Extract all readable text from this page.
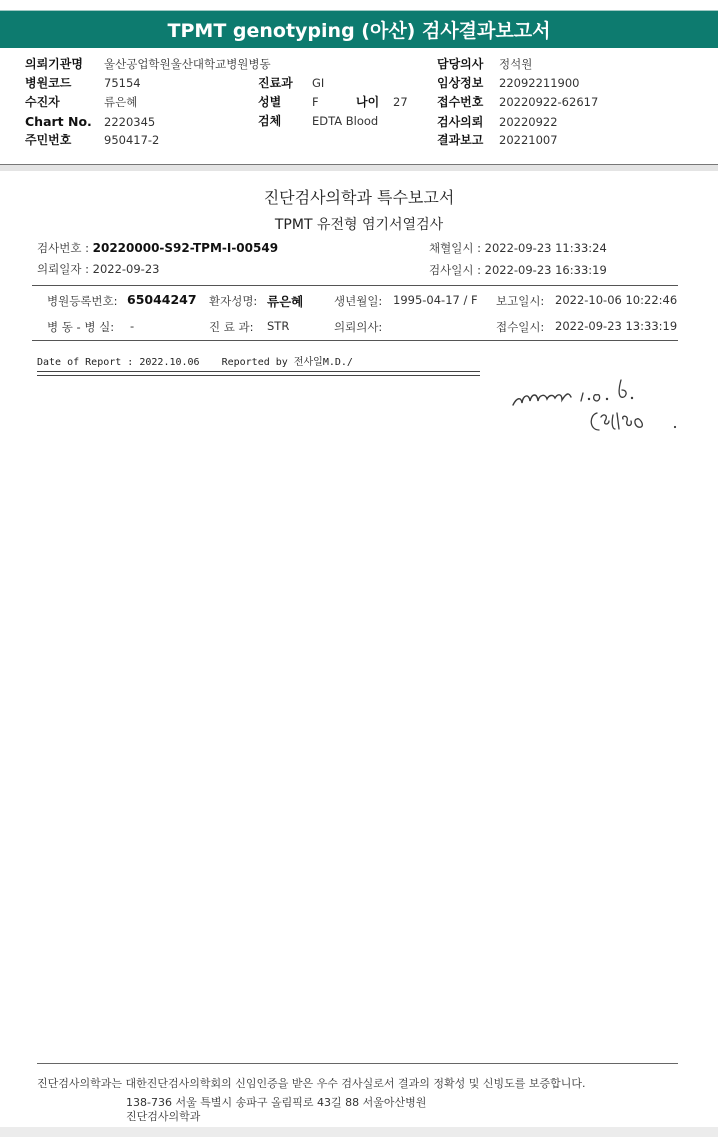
TPMT genotyping (아산) 검사결과보고서
의뢰기관명 울산공업학원울산대학교병원병동	담당의사 정석원
병원코드	75154	진료과 GI	임상정보 22092211900
수진자	류은혜	성별	F	나이 27 접수번호 20220922-62617
Chart No. 2220345	검체	EDTA Blood	검사의뢰 20220922
주민번호	950417-2	결과보고 20221007
진단검사의학과 특수보고서
TPMT 유전형 염기서열검사
검사번호 : 20220000-S92-TPM-I-00549	채혈일시 : 2022-09-23 11:33:24
의뢰일자 : 2022-09-23	검사일시 : 2022-09-23 16:33:19
병원등록번호: 65044247 환자성명: 류은혜	생년월일: 1995-04-17 / F 보고일시: 2022-10-06 10:22:46
병 동 - 병 실: -	진 료 과: STR	의뢰의사:	접수일시: 2022-09-23 13:33:19
Date of Report : 2022.10.06 Reported by 전사일M.D./
진단검사의학과는 대한진단검사의학회의 신임인증을 받은 우수 검사실로서 결과의 정확성 및 신빙도를 보증합니다.
138-736 서울 특별시 송파구 올림픽로 43길 88 서울아산병원
진단검사의학과
